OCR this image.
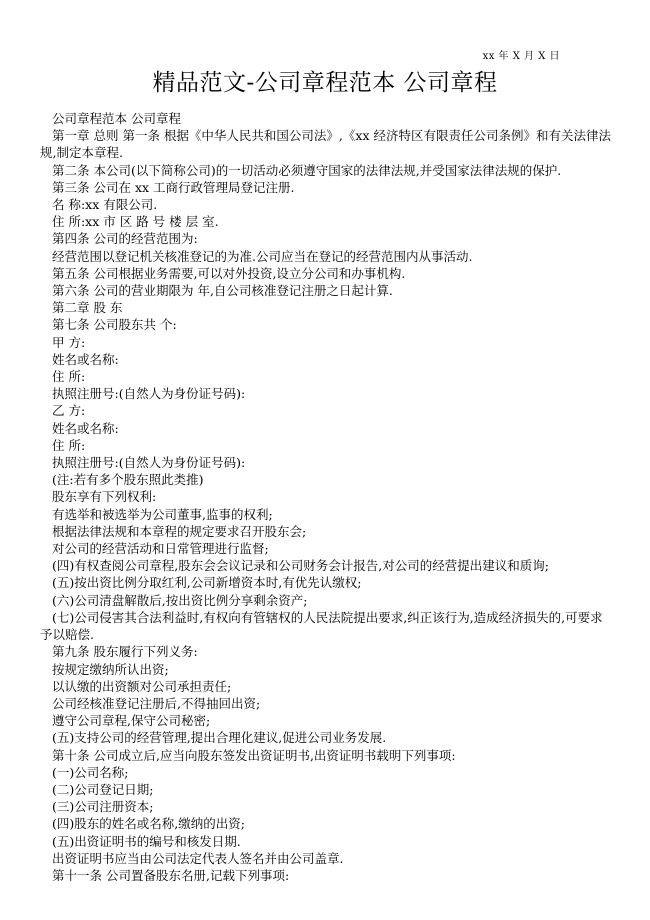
xx 年 X 月 X 日
精品范文-公司章程范本 公司章程

公司章程范本 公司章程

第一章 总则 第一条 根据《中华人民共和国公司法》,《xx 经济特区有限责任公司条例》和有关法律法规,制定本章程.

第二条 本公司(以下简称公司)的一切活动必须遵守国家的法律法规,并受国家法律法规的保护.

第三条 公司在 xx 工商行政管理局登记注册.

名 称:xx 有限公司.

住 所:xx 市 区 路 号 楼 层 室.

第四条 公司的经营范围为:

经营范围以登记机关核准登记的为准.公司应当在登记的经营范围内从事活动.

第五条 公司根据业务需要,可以对外投资,设立分公司和办事机构.

第六条 公司的营业期限为 年,自公司核准登记注册之日起计算.

第二章 股 东

第七条 公司股东共 个:

甲 方:

姓名或名称:

住 所:

执照注册号:(自然人为身份证号码):

乙 方:

姓名或名称:

住 所:

执照注册号:(自然人为身份证号码):

(注:若有多个股东照此类推)

股东享有下列权利:

有选举和被选举为公司董事,监事的权利;

根据法律法规和本章程的规定要求召开股东会;

对公司的经营活动和日常管理进行监督;

(四)有权查阅公司章程,股东会会议记录和公司财务会计报告,对公司的经营提出建议和质询;

(五)按出资比例分取红利,公司新增资本时,有优先认缴权;

(六)公司清盘解散后,按出资比例分享剩余资产;

(七)公司侵害其合法利益时,有权向有管辖权的人民法院提出要求,纠正该行为,造成经济损失的,可要求予以赔偿.

第九条 股东履行下列义务:

按规定缴纳所认出资;

以认缴的出资额对公司承担责任;

公司经核准登记注册后,不得抽回出资;

遵守公司章程,保守公司秘密;

(五)支持公司的经营管理,提出合理化建议,促进公司业务发展.

第十条 公司成立后,应当向股东签发出资证明书,出资证明书载明下列事项:

(一)公司名称;

(二)公司登记日期;

(三)公司注册资本;

(四)股东的姓名或名称,缴纳的出资;

(五)出资证明书的编号和核发日期.

出资证明书应当由公司法定代表人签名并由公司盖章.

第十一条 公司置备股东名册,记载下列事项:
